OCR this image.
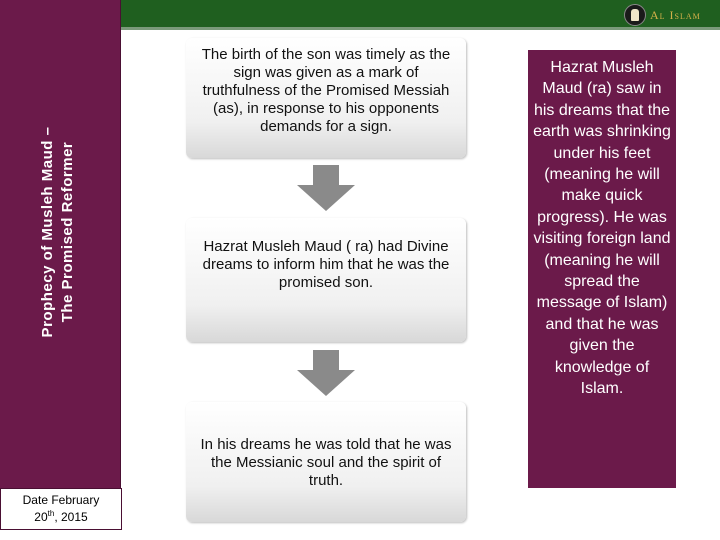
Al Islam
Prophecy of Musleh Maud – The Promised Reformer
Date February
20th, 2015
The birth of the son was timely as the sign was given as a mark of truthfulness of the Promised Messiah (as), in response to his opponents demands for a sign.
Hazrat Musleh Maud ( ra) had Divine dreams to inform him that he was the promised son.
In his dreams he was told that he was the Messianic soul and the spirit of truth.
Hazrat Musleh Maud (ra) saw in his dreams that the earth was shrinking under his feet (meaning he will make quick progress). He was visiting foreign land (meaning he will spread the message of Islam) and that he was given the knowledge of Islam.
